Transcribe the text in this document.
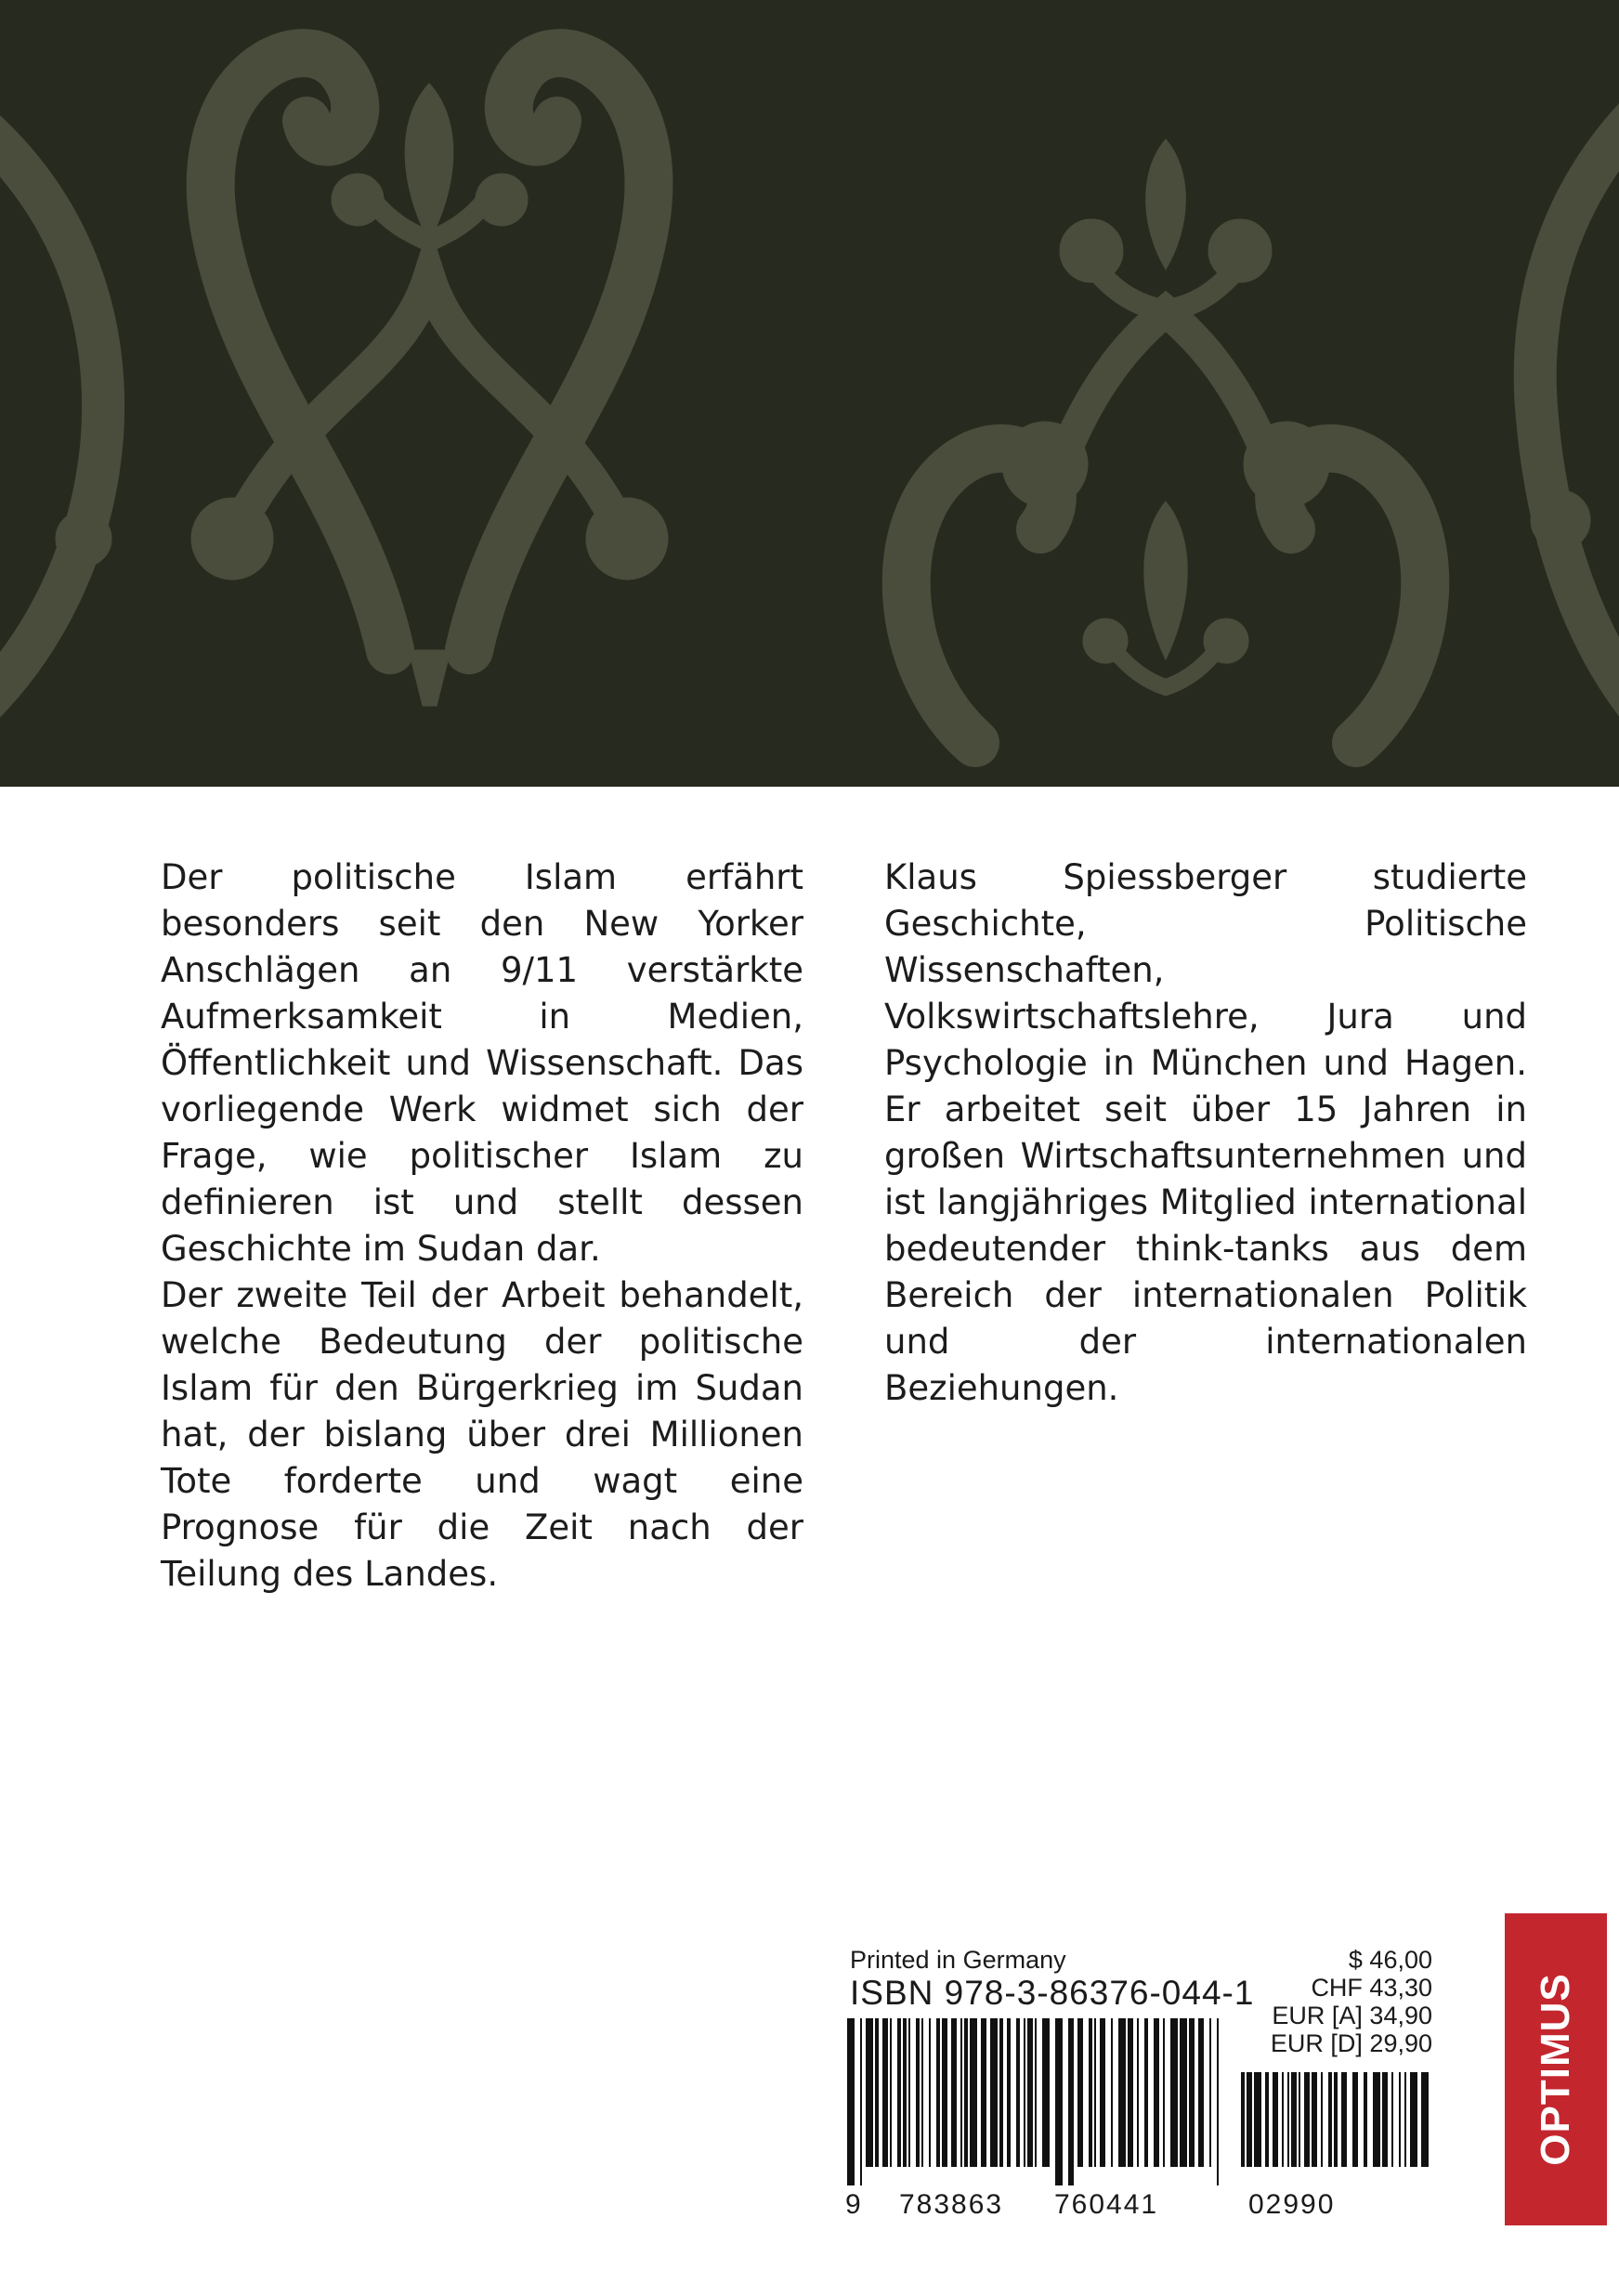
Der politische Islam erfährt besonders seit den New Yorker Anschlägen an 9/11 verstärkte Aufmerksamkeit in Medien, Öffentlichkeit und Wissenschaft. Das vorliegende Werk widmet sich der Frage, wie politischer Islam zu definieren ist und stellt dessen Geschichte im Sudan dar.

Der zweite Teil der Arbeit behandelt, welche Bedeutung der politische Islam für den Bürgerkrieg im Sudan hat, der bislang über drei Millionen Tote forderte und wagt eine Prognose für die Zeit nach der Teilung des Landes.

Klaus Spiessberger studierte Geschichte, Politische Wissenschaften, Volkswirtschaftslehre, Jura und Psychologie in München und Hagen. Er arbeitet seit über 15 Jahren in großen Wirtschaftsunternehmen und ist langjähriges Mitglied international bedeutender think-tanks aus dem Bereich der internationalen Politik und der internationalen Beziehungen.

Printed in Germany
ISBN 978-3-86376-044-1
$ 46,00
CHF 43,30
EUR [A] 34,90
EUR [D] 29,90
9 783863 760441	02990
OPTIMUS
